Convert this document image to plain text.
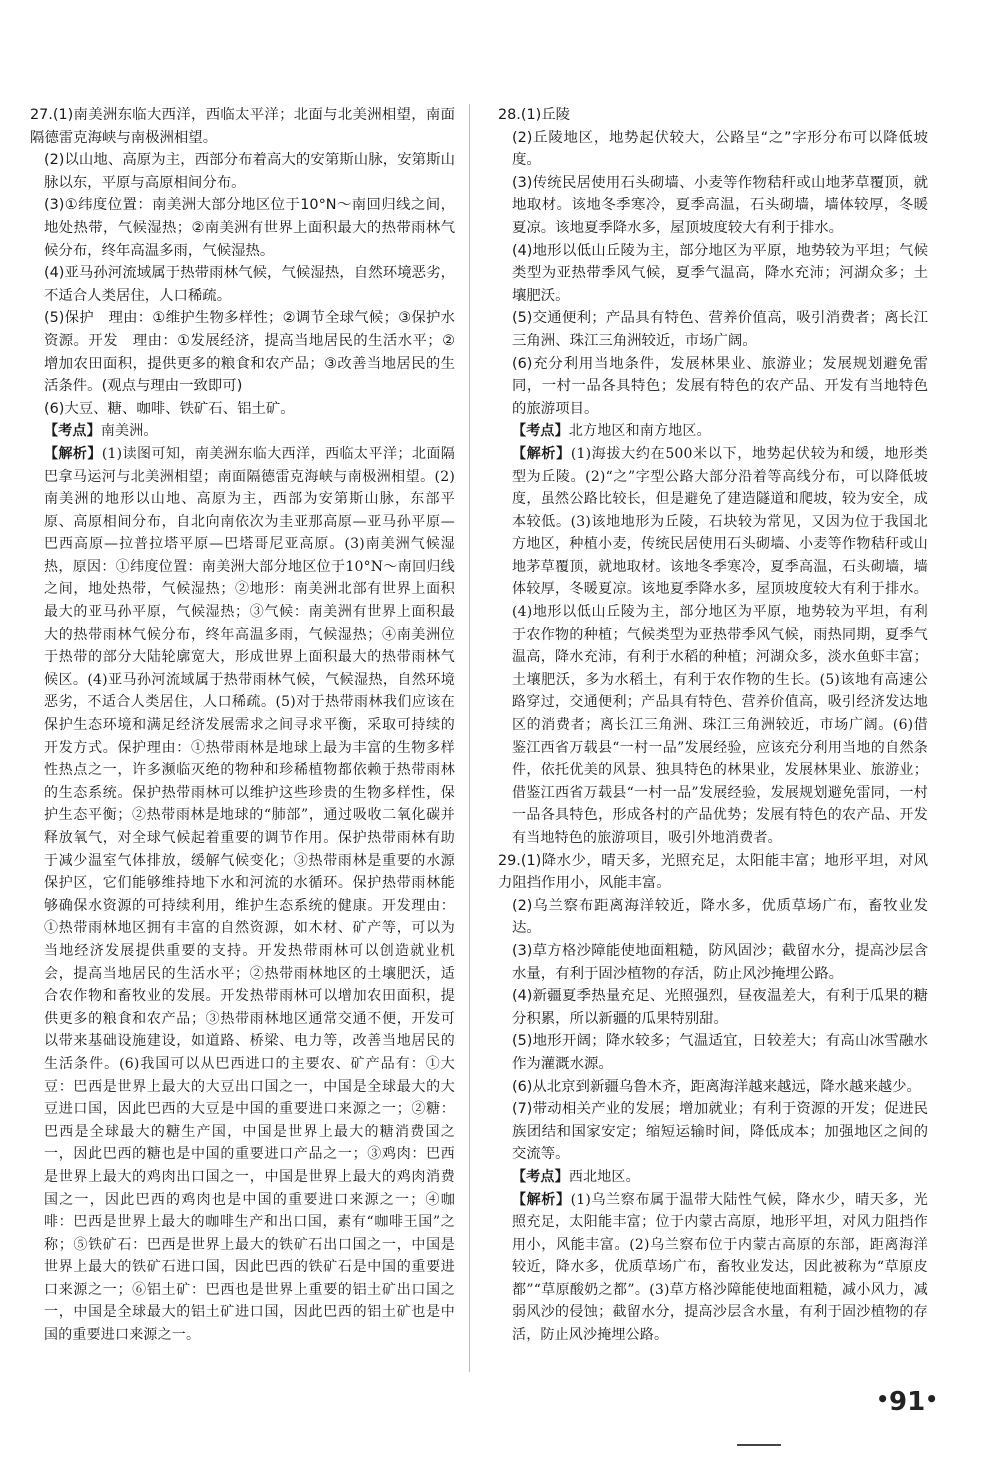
27.(1)南美洲东临大西洋，西临太平洋；北面与北美洲相望，南面隔德雷克海峡与南极洲相望。

(2)以山地、高原为主，西部分布着高大的安第斯山脉，安第斯山脉以东，平原与高原相间分布。

(3)①纬度位置：南美洲大部分地区位于10°N～南回归线之间，地处热带，气候湿热；②南美洲有世界上面积最大的热带雨林气候分布，终年高温多雨，气候湿热。

(4)亚马孙河流域属于热带雨林气候，气候湿热，自然环境恶劣，不适合人类居住，人口稀疏。

(5)保护　理由：①维护生物多样性；②调节全球气候；③保护水资源。开发　理由：①发展经济，提高当地居民的生活水平；②增加农田面积，提供更多的粮食和农产品；③改善当地居民的生活条件。(观点与理由一致即可)

(6)大豆、糖、咖啡、铁矿石、铝土矿。

【考点】南美洲。

【解析】(1)读图可知，南美洲东临大西洋，西临太平洋；北面隔巴拿马运河与北美洲相望；南面隔德雷克海峡与南极洲相望。(2)南美洲的地形以山地、高原为主，西部为安第斯山脉，东部平原、高原相间分布，自北向南依次为圭亚那高原—亚马孙平原—巴西高原—拉普拉塔平原—巴塔哥尼亚高原。(3)南美洲气候湿热，原因：①纬度位置：南美洲大部分地区位于10°N～南回归线之间，地处热带，气候湿热；②地形：南美洲北部有世界上面积最大的亚马孙平原，气候湿热；③气候：南美洲有世界上面积最大的热带雨林气候分布，终年高温多雨，气候湿热；④南美洲位于热带的部分大陆轮廓宽大，形成世界上面积最大的热带雨林气候区。(4)亚马孙河流域属于热带雨林气候，气候湿热，自然环境恶劣，不适合人类居住，人口稀疏。(5)对于热带雨林我们应该在保护生态环境和满足经济发展需求之间寻求平衡，采取可持续的开发方式。保护理由：①热带雨林是地球上最为丰富的生物多样性热点之一，许多濒临灭绝的物种和珍稀植物都依赖于热带雨林的生态系统。保护热带雨林可以维护这些珍贵的生物多样性，保护生态平衡；②热带雨林是地球的“肺部”，通过吸收二氧化碳并释放氧气，对全球气候起着重要的调节作用。保护热带雨林有助于减少温室气体排放，缓解气候变化；③热带雨林是重要的水源保护区，它们能够维持地下水和河流的水循环。保护热带雨林能够确保水资源的可持续利用，维护生态系统的健康。开发理由：①热带雨林地区拥有丰富的自然资源，如木材、矿产等，可以为当地经济发展提供重要的支持。开发热带雨林可以创造就业机会，提高当地居民的生活水平；②热带雨林地区的土壤肥沃，适合农作物和畜牧业的发展。开发热带雨林可以增加农田面积，提供更多的粮食和农产品；③热带雨林地区通常交通不便，开发可以带来基础设施建设，如道路、桥梁、电力等，改善当地居民的生活条件。(6)我国可以从巴西进口的主要农、矿产品有：①大豆：巴西是世界上最大的大豆出口国之一，中国是全球最大的大豆进口国，因此巴西的大豆是中国的重要进口来源之一；②糖：巴西是全球最大的糖生产国，中国是世界上最大的糖消费国之一，因此巴西的糖也是中国的重要进口产品之一；③鸡肉：巴西是世界上最大的鸡肉出口国之一，中国是世界上最大的鸡肉消费国之一，因此巴西的鸡肉也是中国的重要进口来源之一；④咖啡：巴西是世界上最大的咖啡生产和出口国，素有“咖啡王国”之称；⑤铁矿石：巴西是世界上最大的铁矿石出口国之一，中国是世界上最大的铁矿石进口国，因此巴西的铁矿石是中国的重要进口来源之一；⑥铝土矿：巴西也是世界上重要的铝土矿出口国之一，中国是全球最大的铝土矿进口国，因此巴西的铝土矿也是中国的重要进口来源之一。

28.(1)丘陵

(2)丘陵地区，地势起伏较大，公路呈“之”字形分布可以降低坡度。

(3)传统民居使用石头砌墙、小麦等作物秸秆或山地茅草覆顶，就地取材。该地冬季寒冷，夏季高温，石头砌墙，墙体较厚，冬暖夏凉。该地夏季降水多，屋顶坡度较大有利于排水。

(4)地形以低山丘陵为主，部分地区为平原，地势较为平坦；气候类型为亚热带季风气候，夏季气温高，降水充沛；河湖众多；土壤肥沃。

(5)交通便利；产品具有特色、营养价值高，吸引消费者；离长江三角洲、珠江三角洲较近，市场广阔。

(6)充分利用当地条件，发展林果业、旅游业；发展规划避免雷同，一村一品各具特色；发展有特色的农产品、开发有当地特色的旅游项目。

【考点】北方地区和南方地区。

【解析】(1)海拔大约在500米以下，地势起伏较为和缓，地形类型为丘陵。(2)“之”字型公路大部分沿着等高线分布，可以降低坡度，虽然公路比较长，但是避免了建造隧道和爬坡，较为安全，成本较低。(3)该地地形为丘陵，石块较为常见，又因为位于我国北方地区，种植小麦，传统民居使用石头砌墙、小麦等作物秸秆或山地茅草覆顶，就地取材。该地冬季寒冷，夏季高温，石头砌墙，墙体较厚，冬暖夏凉。该地夏季降水多，屋顶坡度较大有利于排水。(4)地形以低山丘陵为主，部分地区为平原，地势较为平坦，有利于农作物的种植；气候类型为亚热带季风气候，雨热同期，夏季气温高，降水充沛，有利于水稻的种植；河湖众多，淡水鱼虾丰富；土壤肥沃，多为水稻土，有利于农作物的生长。(5)该地有高速公路穿过，交通便利；产品具有特色、营养价值高，吸引经济发达地区的消费者；离长江三角洲、珠江三角洲较近，市场广阔。(6)借鉴江西省万载县“一村一品”发展经验，应该充分利用当地的自然条件，依托优美的风景、独具特色的林果业，发展林果业、旅游业；借鉴江西省万载县“一村一品”发展经验，发展规划避免雷同，一村一品各具特色，形成各村的产品优势；发展有特色的农产品、开发有当地特色的旅游项目，吸引外地消费者。

29.(1)降水少，晴天多，光照充足，太阳能丰富；地形平坦，对风力阻挡作用小，风能丰富。

(2)乌兰察布距离海洋较近，降水多，优质草场广布，畜牧业发达。

(3)草方格沙障能使地面粗糙，防风固沙；截留水分，提高沙层含水量，有利于固沙植物的存活，防止风沙掩埋公路。

(4)新疆夏季热量充足、光照强烈，昼夜温差大，有利于瓜果的糖分积累，所以新疆的瓜果特别甜。

(5)地形开阔；降水较多；气温适宜，日较差大；有高山冰雪融水作为灌溉水源。

(6)从北京到新疆乌鲁木齐，距离海洋越来越远，降水越来越少。

(7)带动相关产业的发展；增加就业；有利于资源的开发；促进民族团结和国家安定；缩短运输时间，降低成本；加强地区之间的交流等。

【考点】西北地区。

【解析】(1)乌兰察布属于温带大陆性气候，降水少，晴天多，光照充足，太阳能丰富；位于内蒙古高原，地形平坦，对风力阻挡作用小，风能丰富。(2)乌兰察布位于内蒙古高原的东部，距离海洋较近，降水多，优质草场广布，畜牧业发达，因此被称为“草原皮都”“草原酸奶之都”。(3)草方格沙障能使地面粗糙，减小风力，减弱风沙的侵蚀；截留水分，提高沙层含水量，有利于固沙植物的存活，防止风沙掩埋公路。

•91•
